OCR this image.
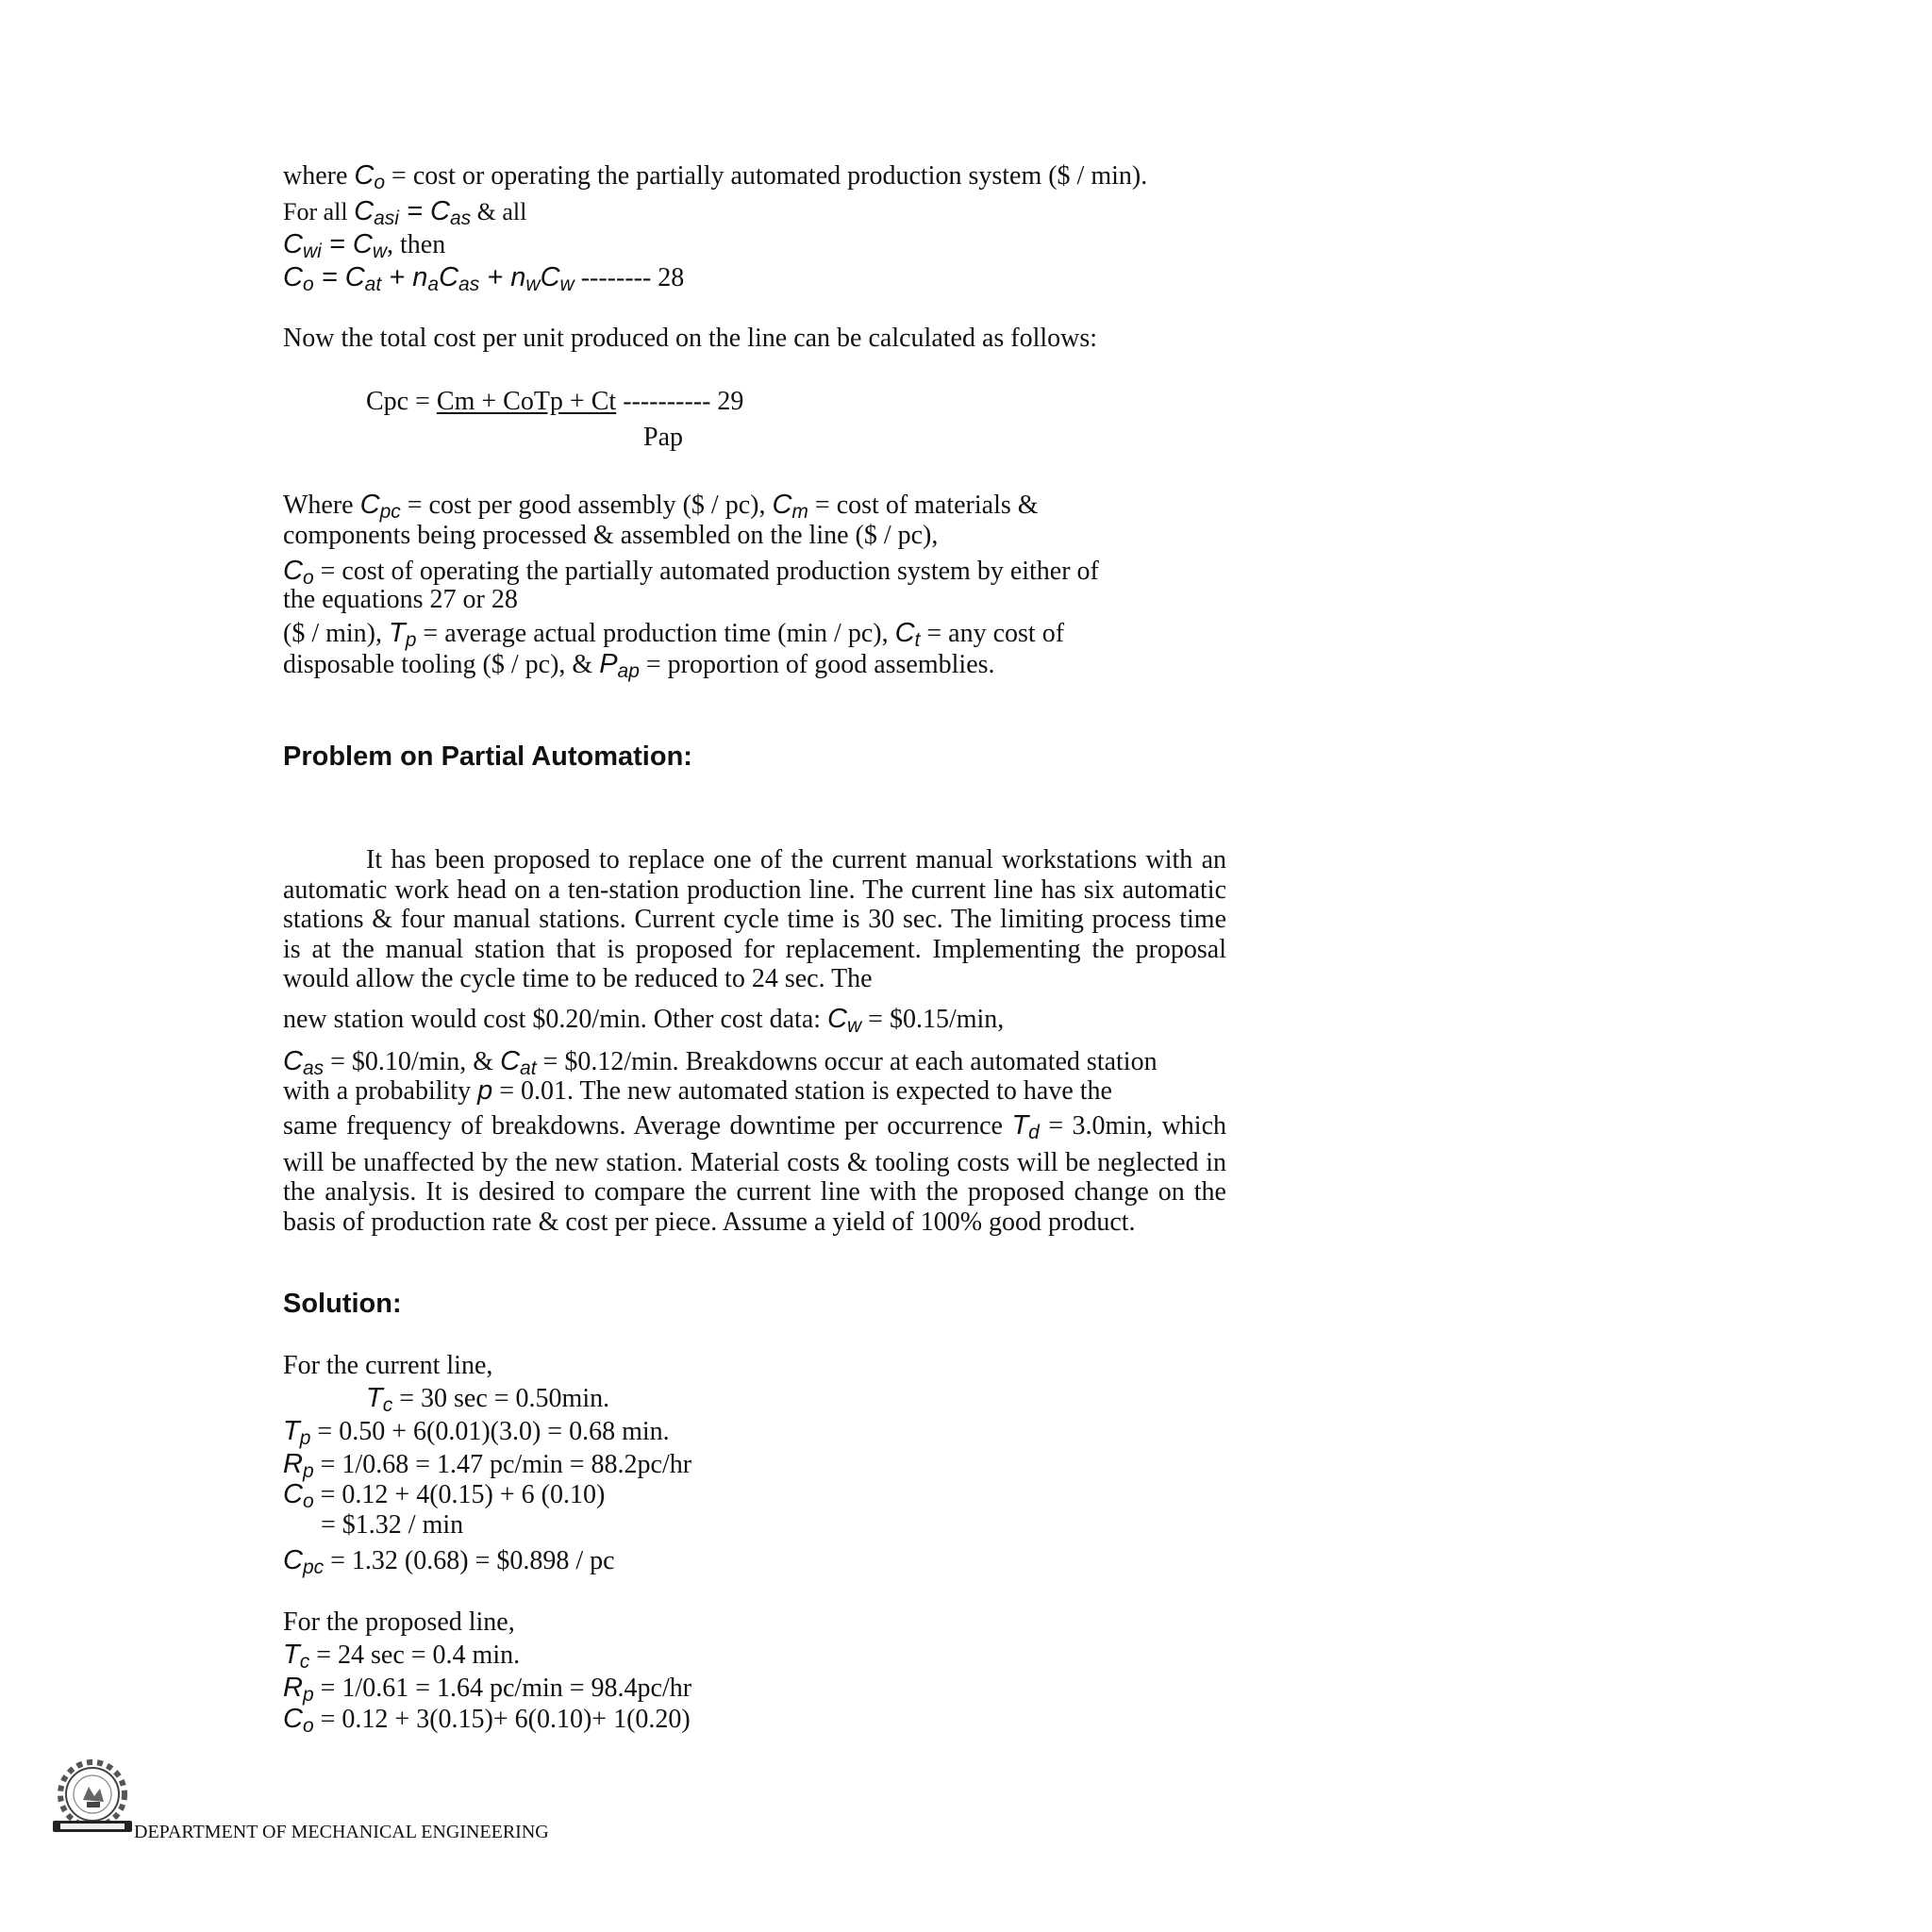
where $C_o = \cos t$ or operating the partially automated production system ($ / min).
For all $C_{asi} = C_{as}$ & all
$C_{wi} = C_w$, then
$C_o = C_{at} + n_aC_{as} + n_wC_w$ -------- 28
Now the total cost per unit produced on the line can be calculated as follows:
Cpc = Cm + CoTp + Ct ---------- 29
Pap
Where $C_{pc} = \cos t$ per good assembly ($ / pc), $C_m = \cos t$ of materials &
components being processed & assembled on the line ($ / pc),
$C_o = \cos t$ of operating the partially automated production system by either of
the equations 27 or 28
($ / min), $T_p$ = average actual production time (min / pc), $C_t$ = any cost of
disposable tooling ($ / pc), & $P_{ap}$ = proportion of good assemblies.
Problem on Partial Automation:
It has been proposed to replace one of the current manual workstations with an automatic work head on a ten-station production line. The current line has six automatic stations & four manual stations. Current cycle time is 30 sec. The limiting process time is at the manual station that is proposed for replacement. Implementing the proposal would allow the cycle time to be reduced to 24 sec. The
new station would cost $0.20/min. Other cost data: $C_w$ = $0.15/min,
$C_{as}$ = $0.10/min, & $C_{at}$ = $0.12/min. Breakdowns occur at each automated station
with a probability p = 0.01. The new automated station is expected to have the
same frequency of breakdowns. Average downtime per occurrence $T_d = 3.0\min$, which will be unaffected by the new station. Material costs & tooling costs will be neglected in the analysis. It is desired to compare the current line with the proposed change on the basis of production rate & cost per piece. Assume a yield of 100% good product.
Solution:
For the current line,
$T_c = 30$ sec = 0.50min.
$T_p = 0.50 + 6(0.01)(3.0) = 0.68$ min.
$R_p = 1/0.68 = 1.47$ pc/min = 88.2pc/hr
$C_o = 0.12 + 4(0.15) + 6$ (0.10)
= $1.32 / min
$C_{pc} = 1.32$ (0.68) = $0.898 / pc
For the proposed line,
$T_c = 24$ sec = 0.4 min.
$R_p = 1/0.61 = 1.64$ pc/min = 98.4pc/hr
$C_o = 0.12 + 3(0.15)+ 6(0.10)+ 1(0.20)$
DEPARTMENT OF MECHANICAL ENGINEERING
